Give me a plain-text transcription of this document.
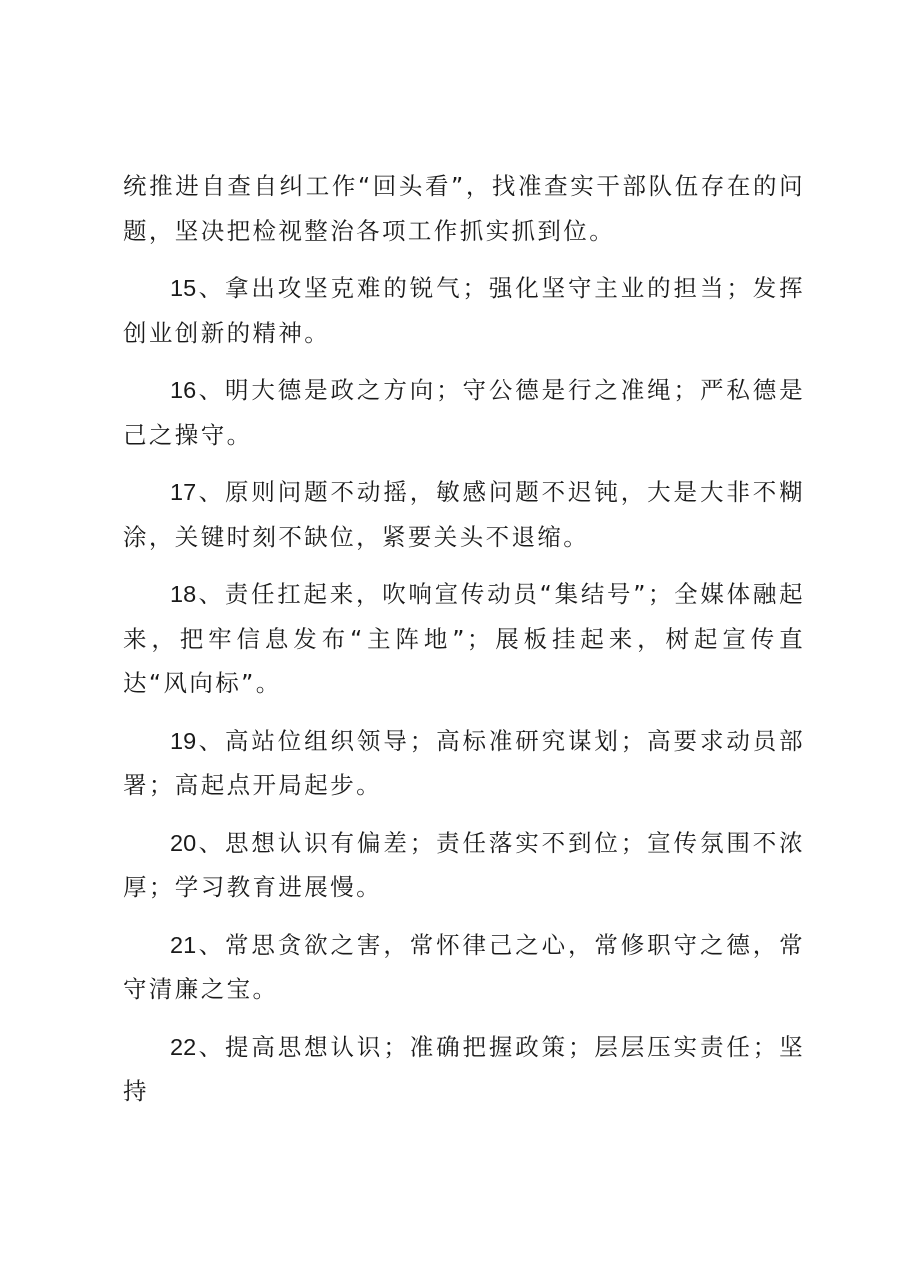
统推进自查自纠工作“回头看”，找准查实干部队伍存在的问题，坚决把检视整治各项工作抓实抓到位。

15、拿出攻坚克难的锐气；强化坚守主业的担当；发挥创业创新的精神。

16、明大德是政之方向；守公德是行之准绳；严私德是己之操守。

17、原则问题不动摇，敏感问题不迟钝，大是大非不糊涂，关键时刻不缺位，紧要关头不退缩。

18、责任扛起来，吹响宣传动员“集结号”；全媒体融起来，把牢信息发布“主阵地”；展板挂起来，树起宣传直达“风向标”。

19、高站位组织领导；高标准研究谋划；高要求动员部署；高起点开局起步。

20、思想认识有偏差；责任落实不到位；宣传氛围不浓厚；学习教育进展慢。

21、常思贪欲之害，常怀律己之心，常修职守之德，常守清廉之宝。

22、提高思想认识；准确把握政策；层层压实责任；坚持
